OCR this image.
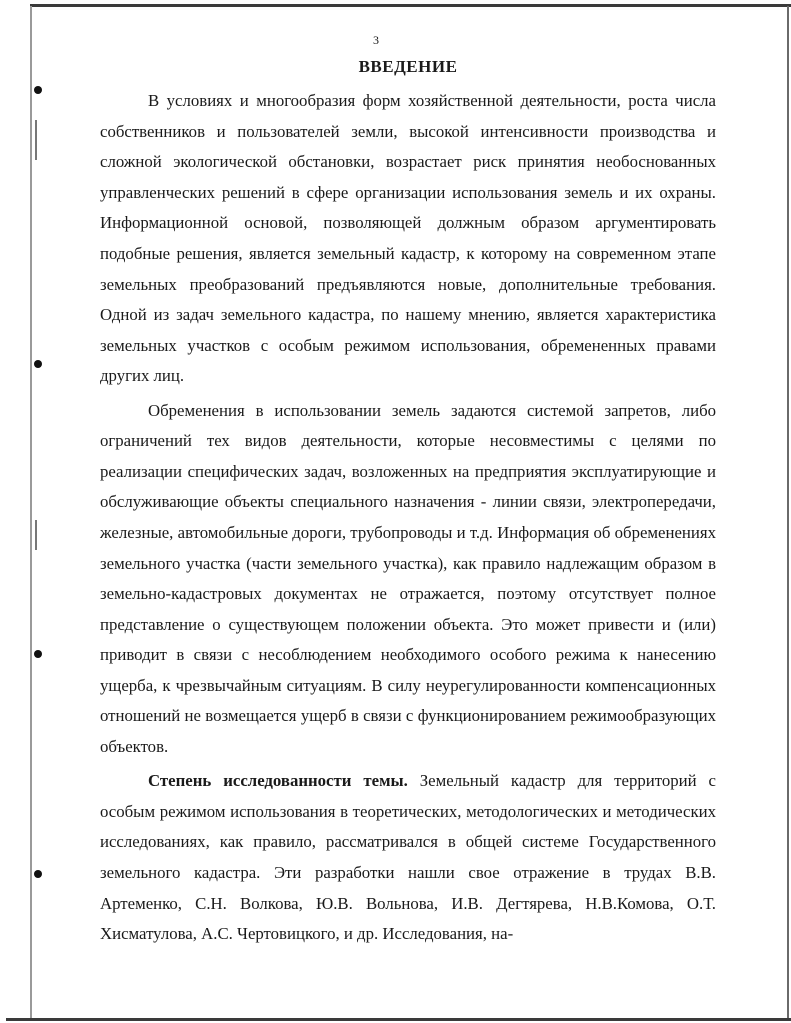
3
ВВЕДЕНИЕ

В условиях и многообразия форм хозяйственной деятельности, роста числа собственников и пользователей земли, высокой интенсивности производства и сложной экологической обстановки, возрастает риск принятия необоснованных управленческих решений в сфере организации использования земель и их охраны. Информационной основой, позволяющей должным образом аргументировать подобные решения, является земельный кадастр, к которому на современном этапе земельных преобразований предъявляются новые, дополнительные требования. Одной из задач земельного кадастра, по нашему мнению, является характеристика земельных участков с особым режимом использования, обремененных правами других лиц.

Обременения в использовании земель задаются системой запретов, либо ограничений тех видов деятельности, которые несовместимы с целями по реализации специфических задач, возложенных на предприятия эксплуатирующие и обслуживающие объекты специального назначения - линии связи, электропередачи, железные, автомобильные дороги, трубопроводы и т.д. Информация об обременениях земельного участка (части земельного участка), как правило надлежащим образом в земельно-кадастровых документах не отражается, поэтому отсутствует полное представление о существующем положении объекта. Это может привести и (или) приводит в связи с несоблюдением необходимого особого режима к нанесению ущерба, к чрезвычайным ситуациям. В силу неурегулированности компенсационных отношений не возмещается ущерб в связи с функционированием режимообразующих объектов.

Степень исследованности темы. Земельный кадастр для территорий с особым режимом использования в теоретических, методологических и методических исследованиях, как правило, рассматривался в общей системе Государственного земельного кадастра. Эти разработки нашли свое отражение в трудах В.В. Артеменко, С.Н. Волкова, Ю.В. Вольнова, И.В. Дегтярева, Н.В.Комова, О.Т. Хисматулова, А.С. Чертовицкого, и др. Исследования, на-
